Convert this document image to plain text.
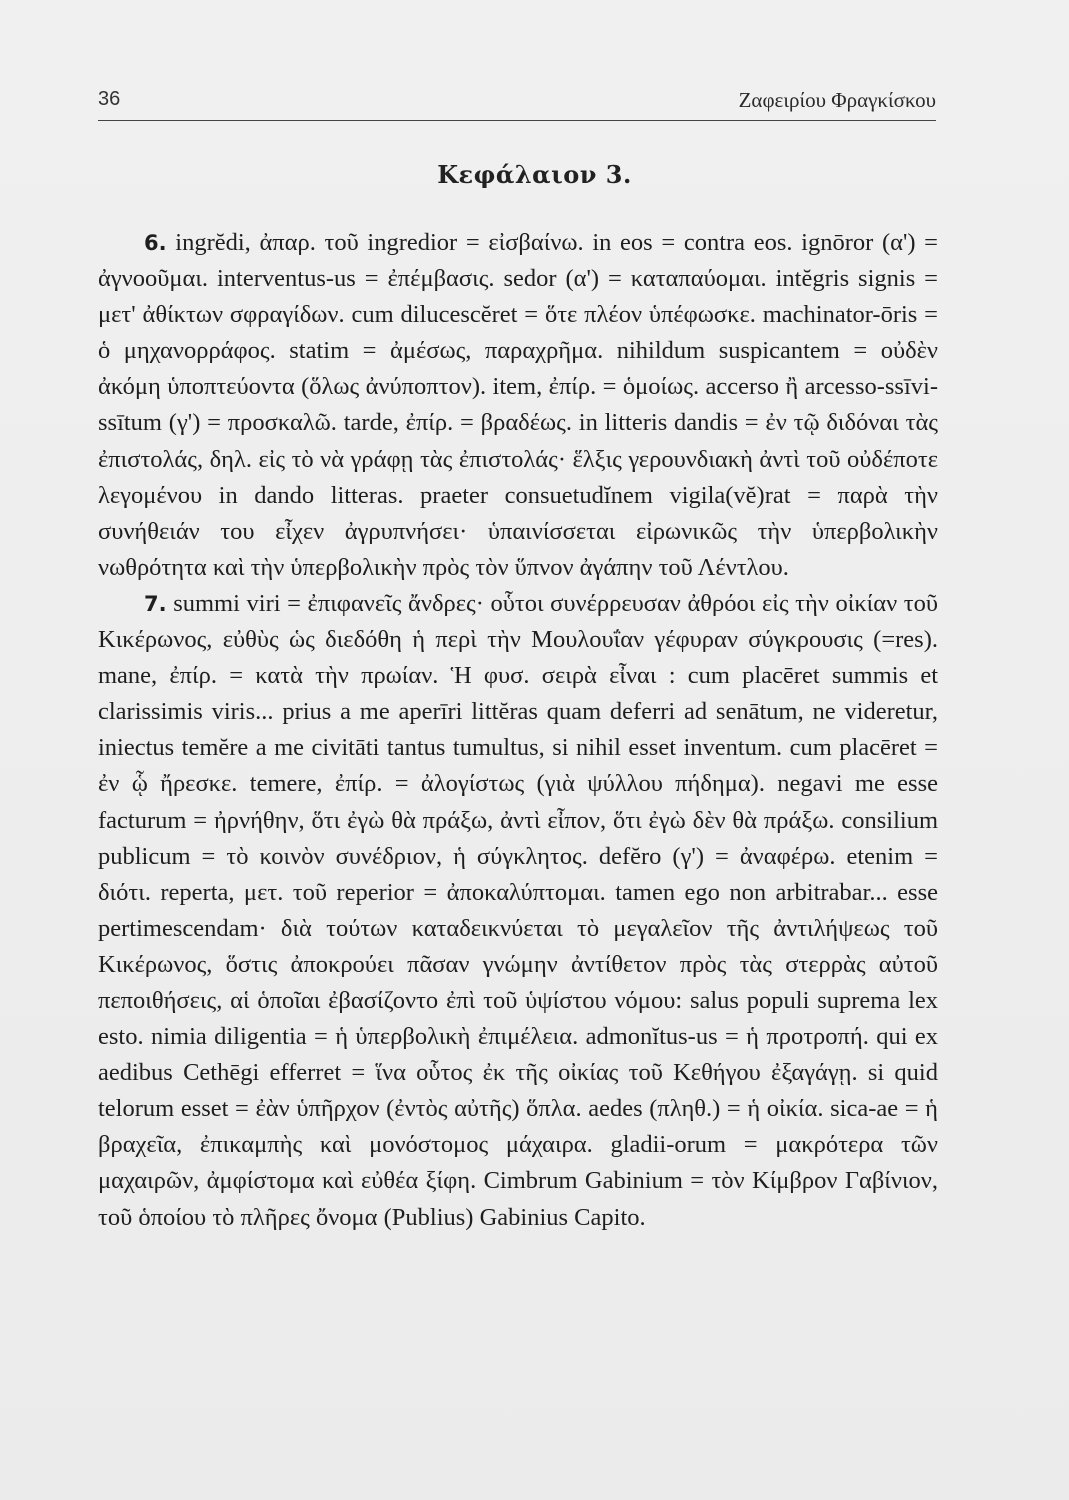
36	Ζαφειρίου Φραγκίσκου
Κεφάλαιον 3.

6. ingrĕdi, ἀπαρ. τοῦ ingredior = εἰσβαίνω. in eos = contra eos. ignōror (α') = ἀγνοοῦμαι. interventus-us = ἐπέμβασις. sedor (α') = καταπαύομαι. intĕgris signis = μετ' ἀθίκτων σφραγίδων. cum dilucescĕret = ὅτε πλέον ὑπέφωσκε. machinator-ōris = ὁ μηχανορράφος. statim = ἀμέσως, παραχρῆμα. nihildum suspicantem = οὐδὲν ἀκόμη ὑποπτεύοντα (ὅλως ἀνύποπτον). item, ἐπίρ. = ὁμοίως. accerso ἢ arcesso-ssīvi-ssītum (γ') = προσκαλῶ. tarde, ἐπίρ. = βραδέως. in litteris dandis = ἐν τῷ διδόναι τὰς ἐπιστολάς, δηλ. εἰς τὸ νὰ γράφῃ τὰς ἐπιστολάς· ἕλξις γερουνδιακὴ ἀντὶ τοῦ οὐδέποτε λεγομένου in dando litteras. praeter consuetudĭnem vigila(vĕ)rat = παρὰ τὴν συνήθειάν του εἶχεν ἀγρυπνήσει· ὑπαινίσσεται εἰρωνικῶς τὴν ὑπερβολικὴν νωθρότητα καὶ τὴν ὑπερβολικὴν πρὸς τὸν ὕπνον ἀγάπην τοῦ Λέντλου.

7. summi viri = ἐπιφανεῖς ἄνδρες· οὗτοι συνέρρευσαν ἀθρόοι εἰς τὴν οἰκίαν τοῦ Κικέρωνος, εὐθὺς ὡς διεδόθη ἡ περὶ τὴν Μουλουΐαν γέφυραν σύγκρουσις (=res). mane, ἐπίρ. = κατὰ τὴν πρωίαν. Ἡ φυσ. σειρὰ εἶναι : cum placēret summis et clarissimis viris... prius a me aperīri littĕras quam deferri ad senātum, ne videretur, iniectus temĕre a me civitāti tantus tumultus, si nihil esset inventum. cum placēret = ἐν ᾧ ἤρεσκε. temere, ἐπίρ. = ἀλογίστως (γιὰ ψύλλου πήδημα). negavi me esse facturum = ἠρνήθην, ὅτι ἐγὼ θὰ πράξω, ἀντὶ εἶπον, ὅτι ἐγὼ δὲν θὰ πράξω. consilium publicum = τὸ κοινὸν συνέδριον, ἡ σύγκλητος. defĕro (γ') = ἀναφέρω. etenim = διότι. reperta, μετ. τοῦ reperior = ἀποκαλύπτομαι. tamen ego non arbitrabar... esse pertimescendam· διὰ τούτων καταδεικνύεται τὸ μεγαλεῖον τῆς ἀντιλήψεως τοῦ Κικέρωνος, ὅστις ἀποκρούει πᾶσαν γνώμην ἀντίθετον πρὸς τὰς στερρὰς αὐτοῦ πεποιθήσεις, αἱ ὁποῖαι ἐβασίζοντο ἐπὶ τοῦ ὑψίστου νόμου: salus populi suprema lex esto. nimia diligentia = ἡ ὑπερβολικὴ ἐπιμέλεια. admonĭtus-us = ἡ προτροπή. qui ex aedibus Cethēgi efferret = ἵνα οὗτος ἐκ τῆς οἰκίας τοῦ Κεθήγου ἐξαγάγῃ. si quid telorum esset = ἐὰν ὑπῆρχον (ἐντὸς αὐτῆς) ὅπλα. aedes (πληθ.) = ἡ οἰκία. sica-ae = ἡ βραχεῖα, ἐπικαμπὴς καὶ μονόστομος μάχαιρα. gladii-orum = μακρότερα τῶν μαχαιρῶν, ἀμφίστομα καὶ εὐθέα ξίφη. Cimbrum Gabinium = τὸν Κίμβρον Γαβίνιον, τοῦ ὁποίου τὸ πλῆρες ὄνομα (Publius) Gabinius Capito.
